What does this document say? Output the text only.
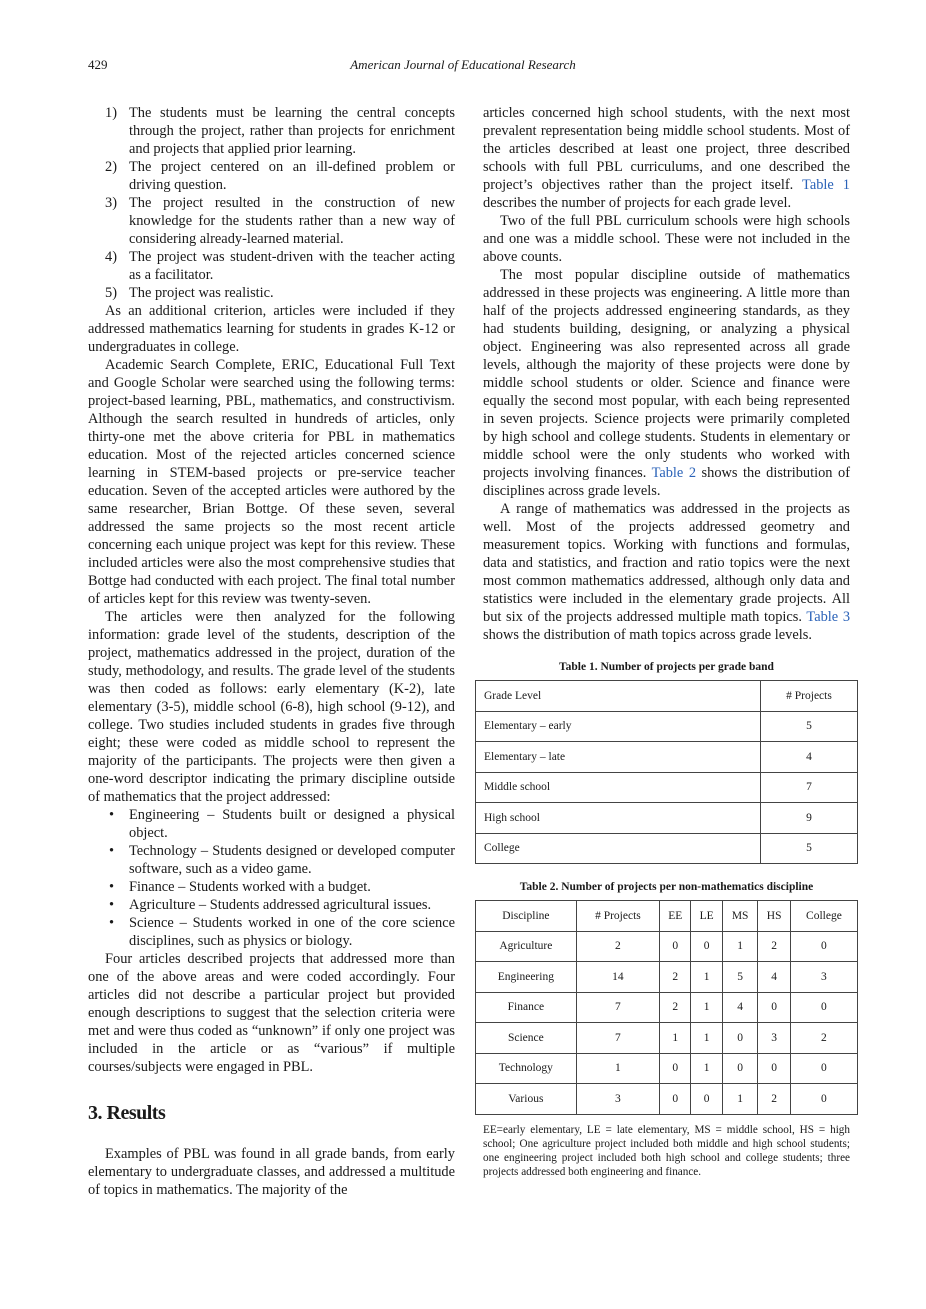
429	American Journal of Educational Research
1) The students must be learning the central concepts through the project, rather than projects for enrichment and projects that applied prior learning.
2) The project centered on an ill-defined problem or driving question.
3) The project resulted in the construction of new knowledge for the students rather than a new way of considering already-learned material.
4) The project was student-driven with the teacher acting as a facilitator.
5) The project was realistic.

As an additional criterion, articles were included if they addressed mathematics learning for students in grades K-12 or undergraduates in college.

Academic Search Complete, ERIC, Educational Full Text and Google Scholar were searched using the following terms: project-based learning, PBL, mathematics, and constructivism. Although the search resulted in hundreds of articles, only thirty-one met the above criteria for PBL in mathematics education. Most of the rejected articles concerned science learning in STEM-based projects or pre-service teacher education. Seven of the accepted articles were authored by the same researcher, Brian Bottge. Of these seven, several addressed the same projects so the most recent article concerning each unique project was kept for this review. These included articles were also the most comprehensive studies that Bottge had conducted with each project. The final total number of articles kept for this review was twenty-seven.

The articles were then analyzed for the following information: grade level of the students, description of the project, mathematics addressed in the project, duration of the study, methodology, and results. The grade level of the students was then coded as follows: early elementary (K-2), late elementary (3-5), middle school (6-8), high school (9-12), and college. Two studies included students in grades five through eight; these were coded as middle school to represent the majority of the participants. The projects were then given a one-word descriptor indicating the primary discipline outside of mathematics that the project addressed:

• Engineering – Students built or designed a physical object.
• Technology – Students designed or developed computer software, such as a video game.
• Finance – Students worked with a budget.
• Agriculture – Students addressed agricultural issues.
• Science – Students worked in one of the core science disciplines, such as physics or biology.

Four articles described projects that addressed more than one of the above areas and were coded accordingly. Four articles did not describe a particular project but provided enough descriptions to suggest that the selection criteria were met and were thus coded as “unknown” if only one project was included in the article or as “various” if multiple courses/subjects were engaged in PBL.

3. Results

Examples of PBL was found in all grade bands, from early elementary to undergraduate classes, and addressed a multitude of topics in mathematics. The majority of the

articles concerned high school students, with the next most prevalent representation being middle school students. Most of the articles described at least one project, three described schools with full PBL curriculums, and one described the project’s objectives rather than the project itself. Table 1 describes the number of projects for each grade level.

Two of the full PBL curriculum schools were high schools and one was a middle school. These were not included in the above counts.

The most popular discipline outside of mathematics addressed in these projects was engineering. A little more than half of the projects addressed engineering standards, as they had students building, designing, or analyzing a physical object. Engineering was also represented across all grade levels, although the majority of these projects were done by middle school students or older. Science and finance were equally the second most popular, with each being represented in seven projects. Science projects were primarily completed by high school and college students. Students in elementary or middle school were the only students who worked with projects involving finances. Table 2 shows the distribution of disciplines across grade levels.

A range of mathematics was addressed in the projects as well. Most of the projects addressed geometry and measurement topics. Working with functions and formulas, data and statistics, and fraction and ratio topics were the next most common mathematics addressed, although only data and statistics were included in the elementary grade projects. All but six of the projects addressed multiple math topics. Table 3 shows the distribution of math topics across grade levels.

Table 1. Number of projects per grade band
Grade Level	# Projects
Elementary – early	5
Elementary – late	4
Middle school	7
High school	9
College	5
Table 2. Number of projects per non-mathematics discipline
Discipline	# Projects	EE	LE	MS	HS	College
Agriculture	2	0	0	1	2	0
Engineering	14	2	1	5	4	3
Finance	7	2	1	4	0	0
Science	7	1	1	0	3	2
Technology	1	0	1	0	0	0
Various	3	0	0	1	2	0

EE=early elementary, LE = late elementary, MS = middle school, HS = high school; One agriculture project included both middle and high school students; one engineering project included both high school and college students; three projects addressed both engineering and finance.
